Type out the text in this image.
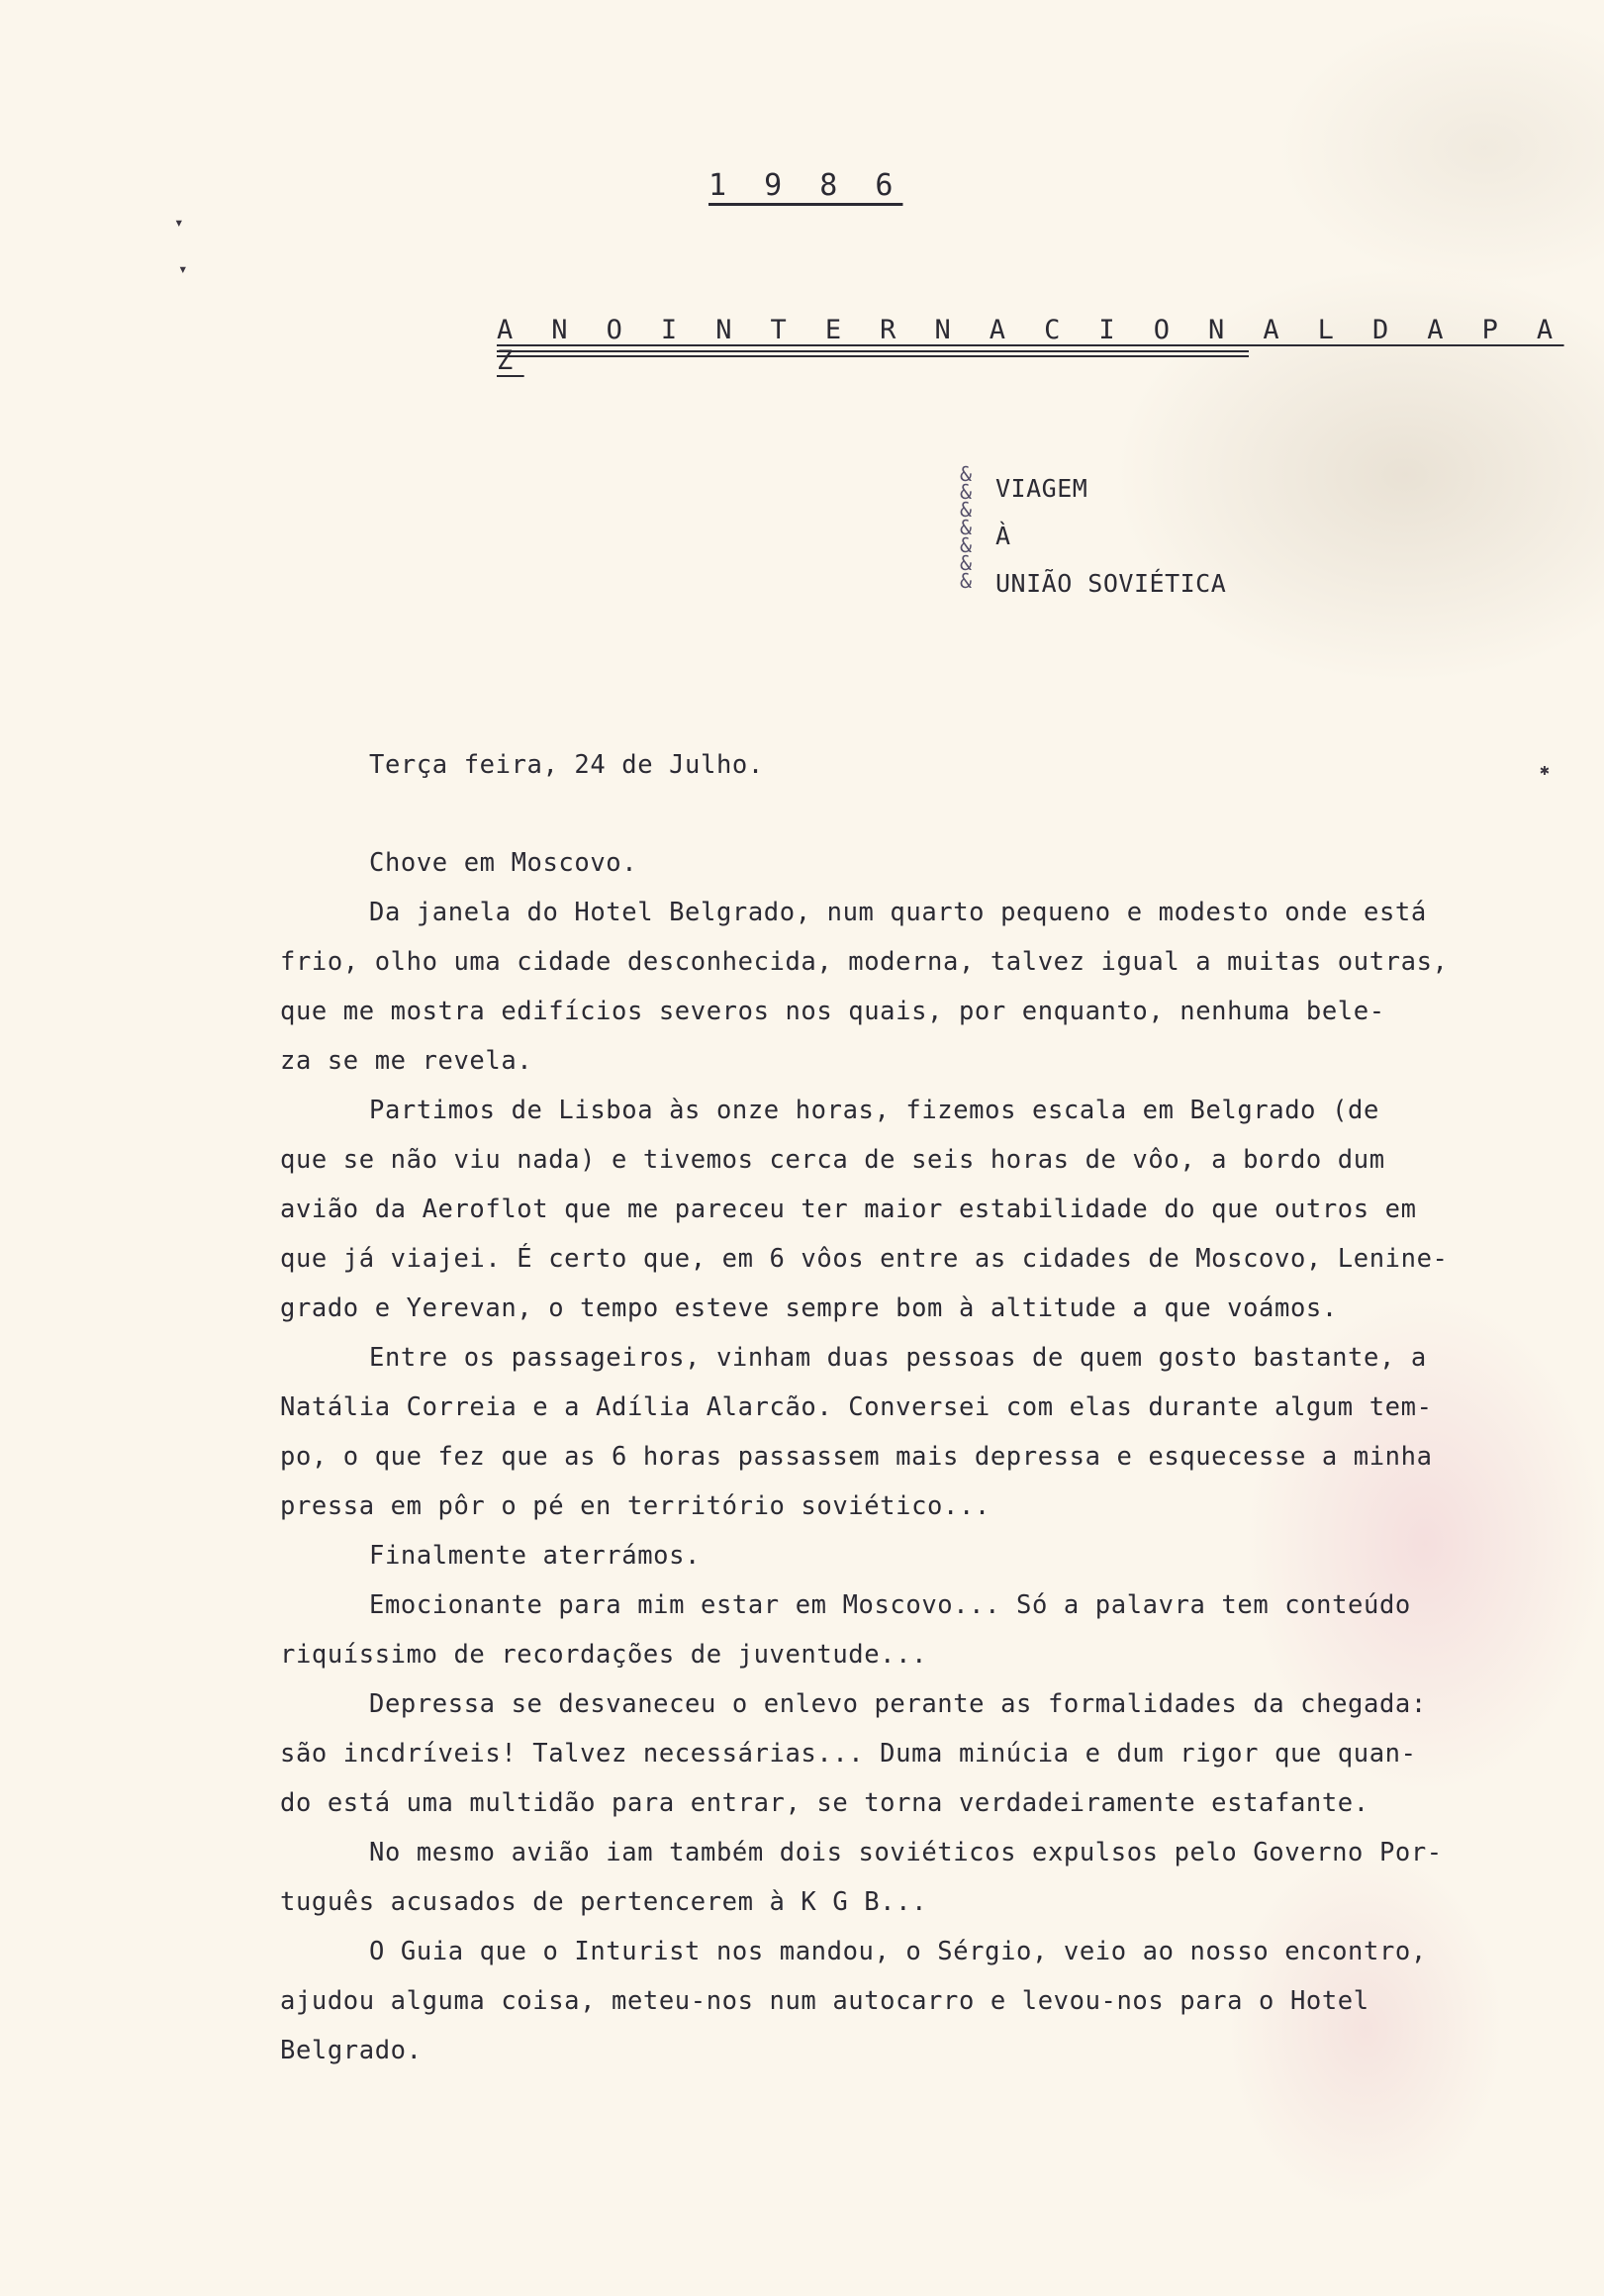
▾
▾
✱
1 9 8 6
A N O I N T E R N A C I O N A L D A P A Z
&
&
&
&
&
&
&
VIAGEM
À
UNIÃO SOVIÉTICA
Terça feira, 24 de Julho.
Chove em Moscovo.
Da janela do Hotel Belgrado, num quarto pequeno e modesto onde está
frio, olho uma cidade desconhecida, moderna, talvez igual a muitas outras,
que me mostra edifícios severos nos quais, por enquanto, nenhuma bele-
za se me revela.
Partimos de Lisboa às onze horas, fizemos escala em Belgrado (de
que se não viu nada) e tivemos cerca de seis horas de vôo, a bordo dum
avião da Aeroflot que me pareceu ter maior estabilidade do que outros em
que já viajei. É certo que, em 6 vôos entre as cidades de Moscovo, Lenine-
grado e Yerevan, o tempo esteve sempre bom à altitude a que voámos.
Entre os passageiros, vinham duas pessoas de quem gosto bastante, a
Natália Correia e a Adília Alarcão. Conversei com elas durante algum tem-
po, o que fez que as 6 horas passassem mais depressa e esquecesse a minha
pressa em pôr o pé en território soviético...
Finalmente aterrámos.
Emocionante para mim estar em Moscovo... Só a palavra tem conteúdo
riquíssimo de recordações de juventude...
Depressa se desvaneceu o enlevo perante as formalidades da chegada:
são incdríveis! Talvez necessárias... Duma minúcia e dum rigor que quan-
do está uma multidão para entrar, se torna verdadeiramente estafante.
No mesmo avião iam também dois soviéticos expulsos pelo Governo Por-
tuguês acusados de pertencerem à K G B...
O Guia que o Inturist nos mandou, o Sérgio, veio ao nosso encontro,
ajudou alguma coisa, meteu-nos num autocarro e levou-nos para o Hotel
Belgrado.
